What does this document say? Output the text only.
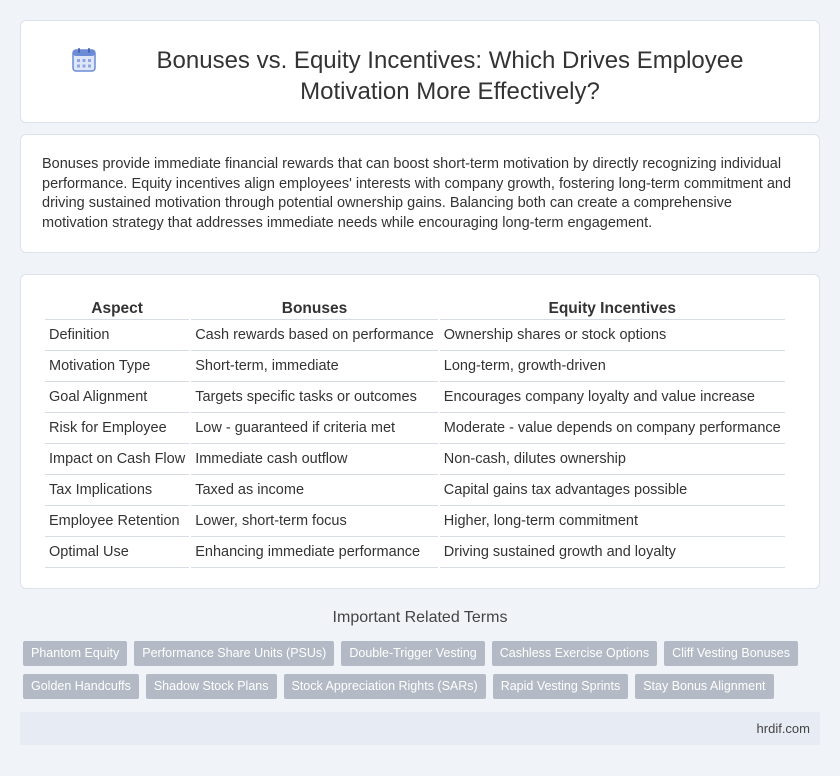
Bonuses vs. Equity Incentives: Which Drives Employee Motivation More Effectively?

Bonuses provide immediate financial rewards that can boost short-term motivation by directly recognizing individual performance. Equity incentives align employees' interests with company growth, fostering long-term commitment and driving sustained motivation through potential ownership gains. Balancing both can create a comprehensive motivation strategy that addresses immediate needs while encouraging long-term engagement.

Aspect	Bonuses	Equity Incentives
Definition	Cash rewards based on performance	Ownership shares or stock options
Motivation Type	Short-term, immediate	Long-term, growth-driven
Goal Alignment	Targets specific tasks or outcomes	Encourages company loyalty and value increase
Risk for Employee	Low - guaranteed if criteria met	Moderate - value depends on company performance
Impact on Cash Flow	Immediate cash outflow	Non-cash, dilutes ownership
Tax Implications	Taxed as income	Capital gains tax advantages possible
Employee Retention	Lower, short-term focus	Higher, long-term commitment
Optimal Use	Enhancing immediate performance	Driving sustained growth and loyalty
Important Related Terms
Phantom Equity	Performance Share Units (PSUs)	Double-Trigger Vesting	Cashless Exercise Options	Cliff Vesting Bonuses
Golden Handcuffs	Shadow Stock Plans	Stock Appreciation Rights (SARs)	Rapid Vesting Sprints	Stay Bonus Alignment
hrdif.com
